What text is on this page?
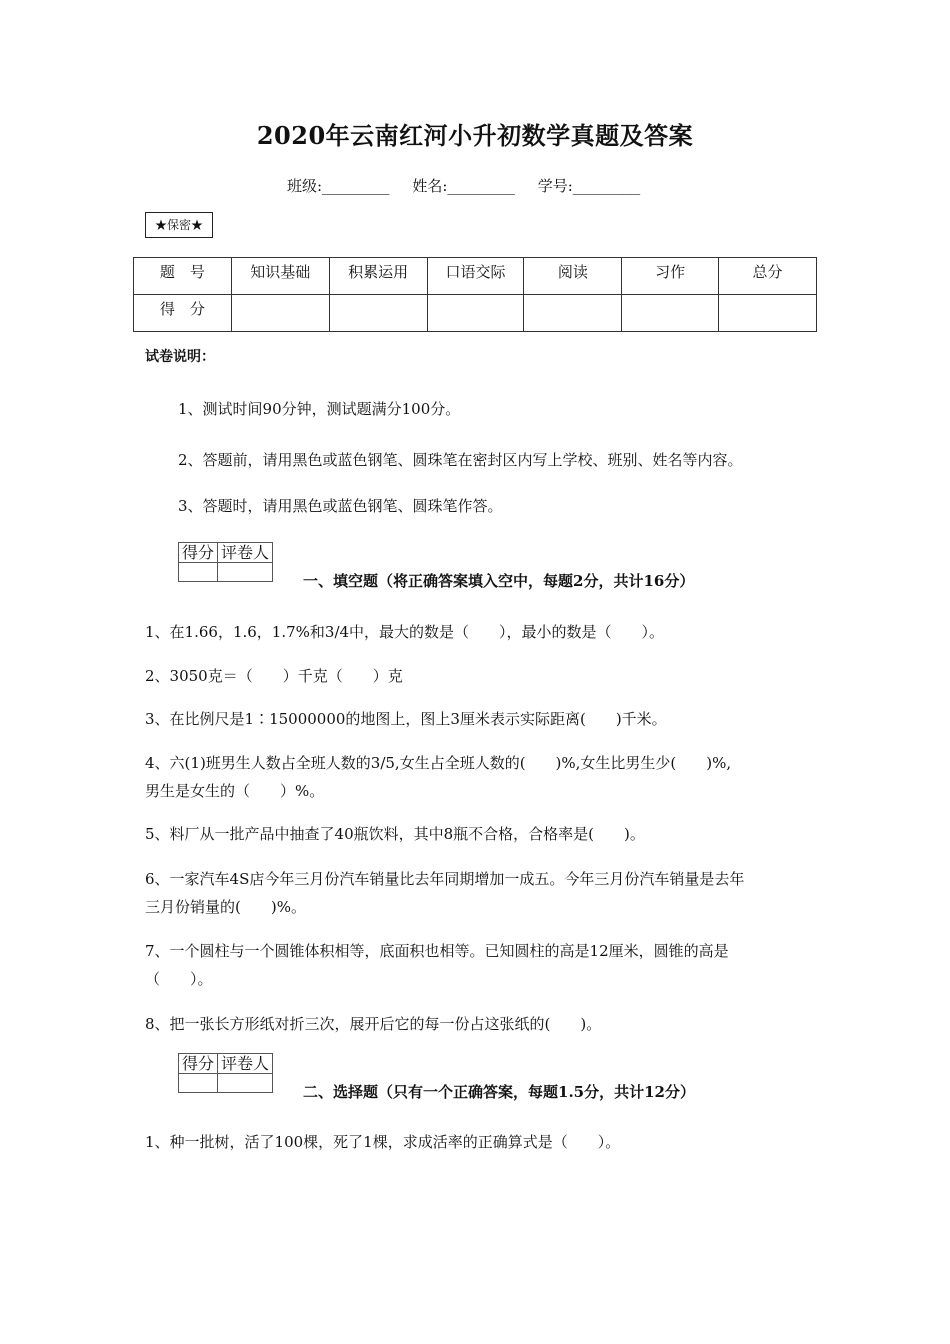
2020年云南红河小升初数学真题及答案
班级:_________ 姓名:_________ 学号:_________
★保密★
题　号	知识基础	积累运用	口语交际	阅读	习作	总分
得　分						
试卷说明：
1、测试时间90分钟，测试题满分100分。
2、答题前，请用黑色或蓝色钢笔、圆珠笔在密封区内写上学校、班别、姓名等内容。
3、答题时，请用黑色或蓝色钢笔、圆珠笔作答。
得分	评卷人

一、填空题（将正确答案填入空中，每题2分，共计16分）
1、在1.66，1.6，1.7%和3/4中，最大的数是（　　），最小的数是（　　）。
2、3050克＝（　　）千克（　　）克
3、在比例尺是1∶15000000的地图上，图上3厘米表示实际距离(　　)千米。
4、六(1)班男生人数占全班人数的3/5,女生占全班人数的(　　)%,女生比男生少(　　)%,
男生是女生的（　　）%。
5、料厂从一批产品中抽查了40瓶饮料，其中8瓶不合格，合格率是(　　)。
6、一家汽车4S店今年三月份汽车销量比去年同期增加一成五。今年三月份汽车销量是去年
三月份销量的(　　)%。
7、一个圆柱与一个圆锥体积相等，底面积也相等。已知圆柱的高是12厘米，圆锥的高是
（　　）。
8、把一张长方形纸对折三次，展开后它的每一份占这张纸的(　　)。
得分	评卷人

二、选择题（只有一个正确答案，每题1.5分，共计12分）
1、种一批树，活了100棵，死了1棵，求成活率的正确算式是（　　）。
